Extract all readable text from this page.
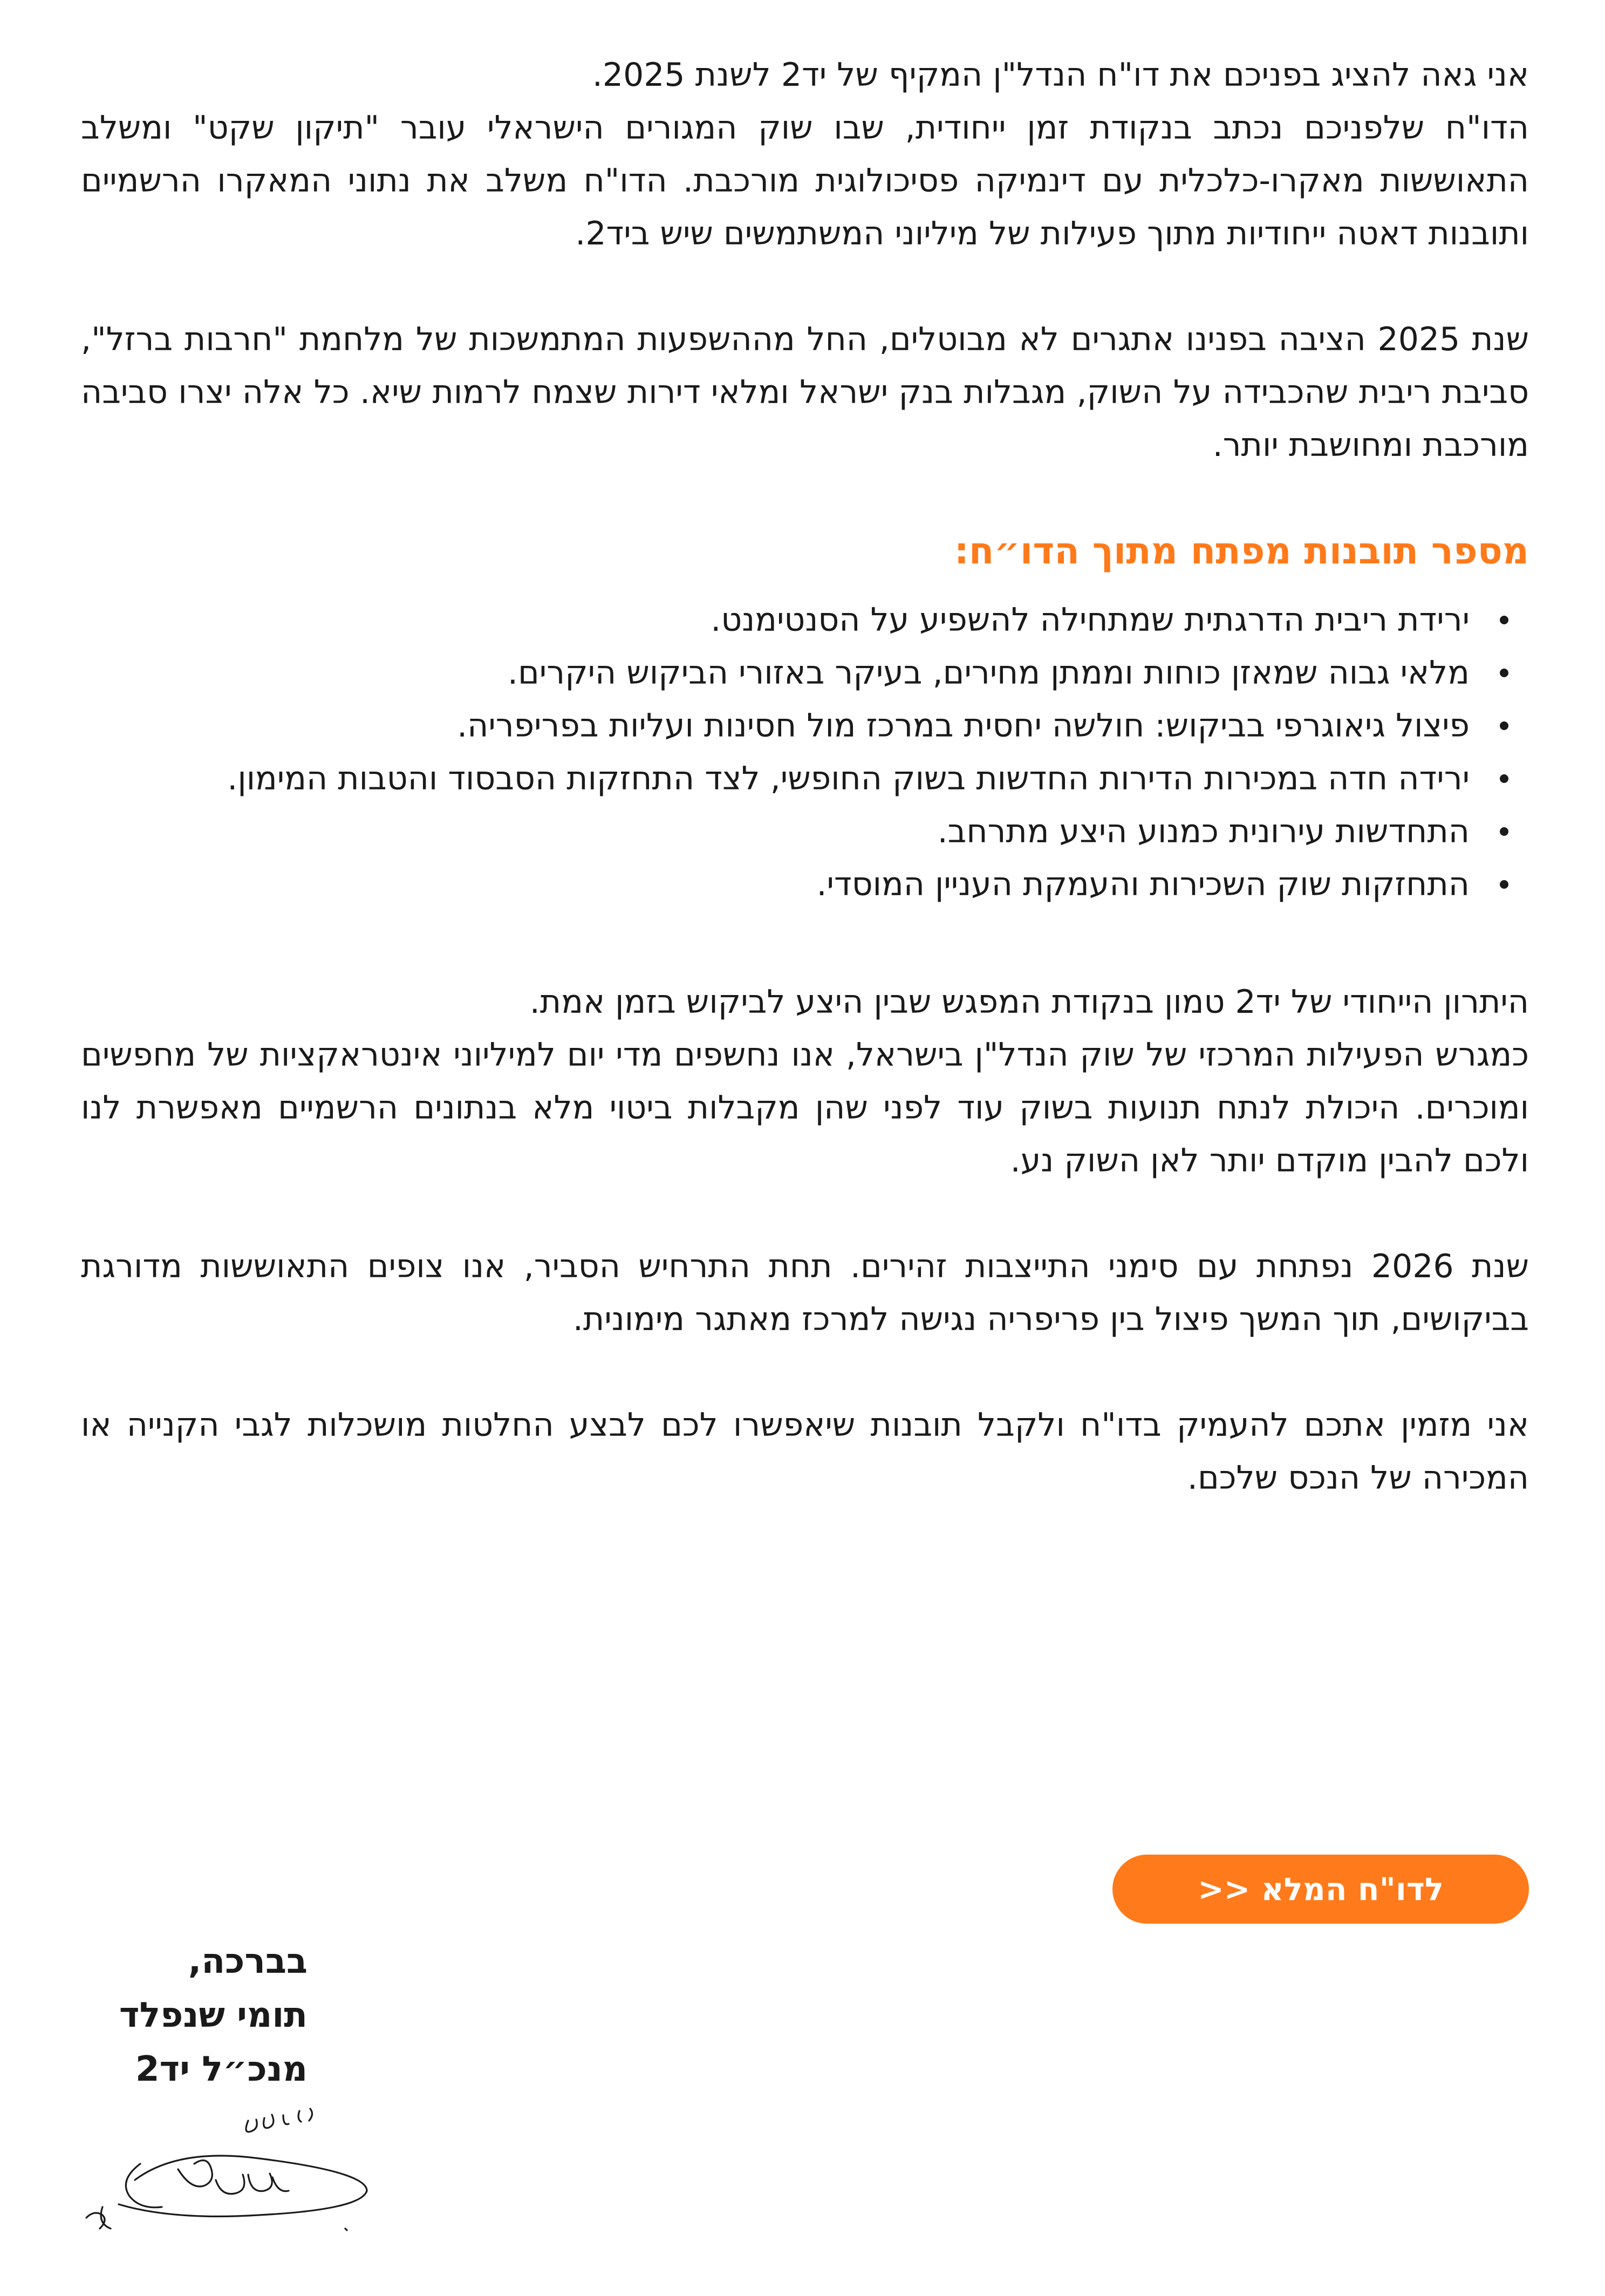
אני גאה להציג בפניכם את דו"ח הנדל"ן המקיף של יד2 לשנת 2025.
הדו"ח שלפניכם נכתב בנקודת זמן ייחודית, שבו שוק המגורים הישראלי עובר "תיקון שקט" ומשלב התאוששות מאקרו-כלכלית עם דינמיקה פסיכולוגית מורכבת. הדו"ח משלב את נתוני המאקרו הרשמיים ותובנות דאטה ייחודיות מתוך פעילות של מיליוני המשתמשים שיש ביד2.
שנת 2025 הציבה בפנינו אתגרים לא מבוטלים, החל מההשפעות המתמשכות של מלחמת "חרבות ברזל", סביבת ריבית שהכבידה על השוק, מגבלות בנק ישראל ומלאי דירות שצמח לרמות שיא. כל אלה יצרו סביבה מורכבת ומחושבת יותר.
מספר תובנות מפתח מתוך הדו״ח:
ירידת ריבית הדרגתית שמתחילה להשפיע על הסנטימנט.
מלאי גבוה שמאזן כוחות וממתן מחירים, בעיקר באזורי הביקוש היקרים.
פיצול גיאוגרפי בביקוש: חולשה יחסית במרכז מול חסינות ועליות בפריפריה.
ירידה חדה במכירות הדירות החדשות בשוק החופשי, לצד התחזקות הסבסוד והטבות המימון.
התחדשות עירונית כמנוע היצע מתרחב.
התחזקות שוק השכירות והעמקת העניין המוסדי.
היתרון הייחודי של יד2 טמון בנקודת המפגש שבין היצע לביקוש בזמן אמת.
כמגרש הפעילות המרכזי של שוק הנדל"ן בישראל, אנו נחשפים מדי יום למיליוני אינטראקציות של מחפשים ומוכרים. היכולת לנתח תנועות בשוק עוד לפני שהן מקבלות ביטוי מלא בנתונים הרשמיים מאפשרת לנו ולכם להבין מוקדם יותר לאן השוק נע.
שנת 2026 נפתחת עם סימני התייצבות זהירים. תחת התרחיש הסביר, אנו צופים התאוששות מדורגת בביקושים, תוך המשך פיצול בין פריפריה נגישה למרכז מאתגר מימונית.
אני מזמין אתכם להעמיק בדו"ח ולקבל תובנות שיאפשרו לכם לבצע החלטות מושכלות לגבי הקנייה או המכירה של הנכס שלכם.
לדו"ח המלא <<
בברכה,
תומי שנפלד
מנכ״ל יד2
